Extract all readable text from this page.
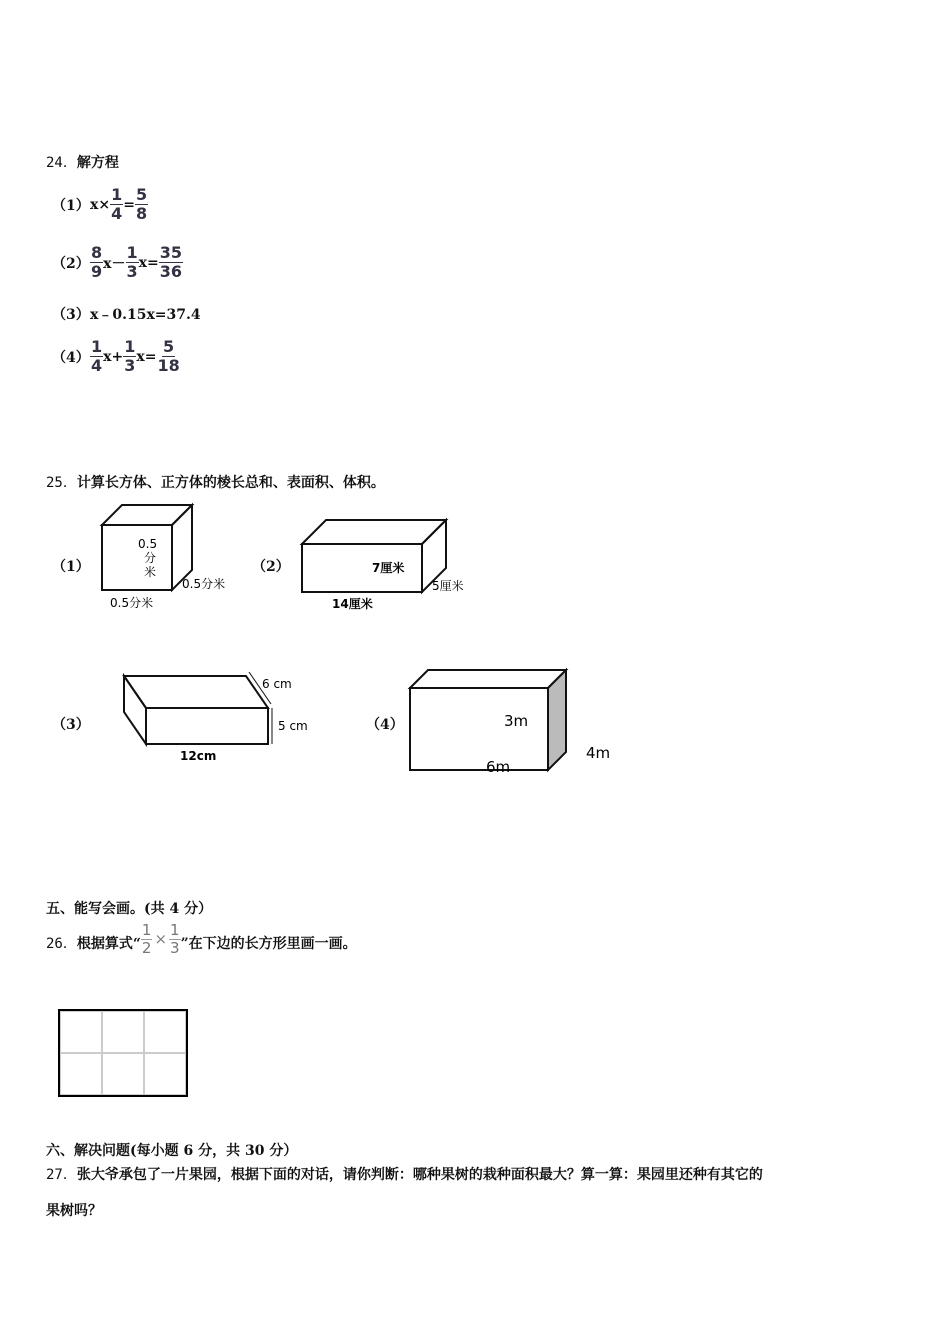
24．解方程
（1） $x\times \frac{1}{4} = \frac{5}{8}$
$(2) \frac{8}{9} x- \frac{1}{3} x= \frac{35}{36}$
（3） x﹣0.15x=37.4
$(4) \frac{1}{4} x+ \frac{1}{3} x= \frac{5}{18}$
25．计算长方体、正方体的棱长总和、表面积、体积。
（1）
0.5
分
米
0.5分米
0.5分米
（2）	7厘米
5厘米
14厘米
（3）
6 cm
5 cm
12cm
（4）	3m
6m
4m
五、能写会画。(共 4 分）
26． 根据算式“ $\frac{1}{2} \times \frac{1}{3}$ ”在下边的长方形里画一画。
六、解决问题(每小题 6 分，共 30 分）
27．张大爷承包了一片果园，根据下面的对话，请你判断：哪种果树的栽种面积最大？算一算：果园里还种有其它的
果树吗？
